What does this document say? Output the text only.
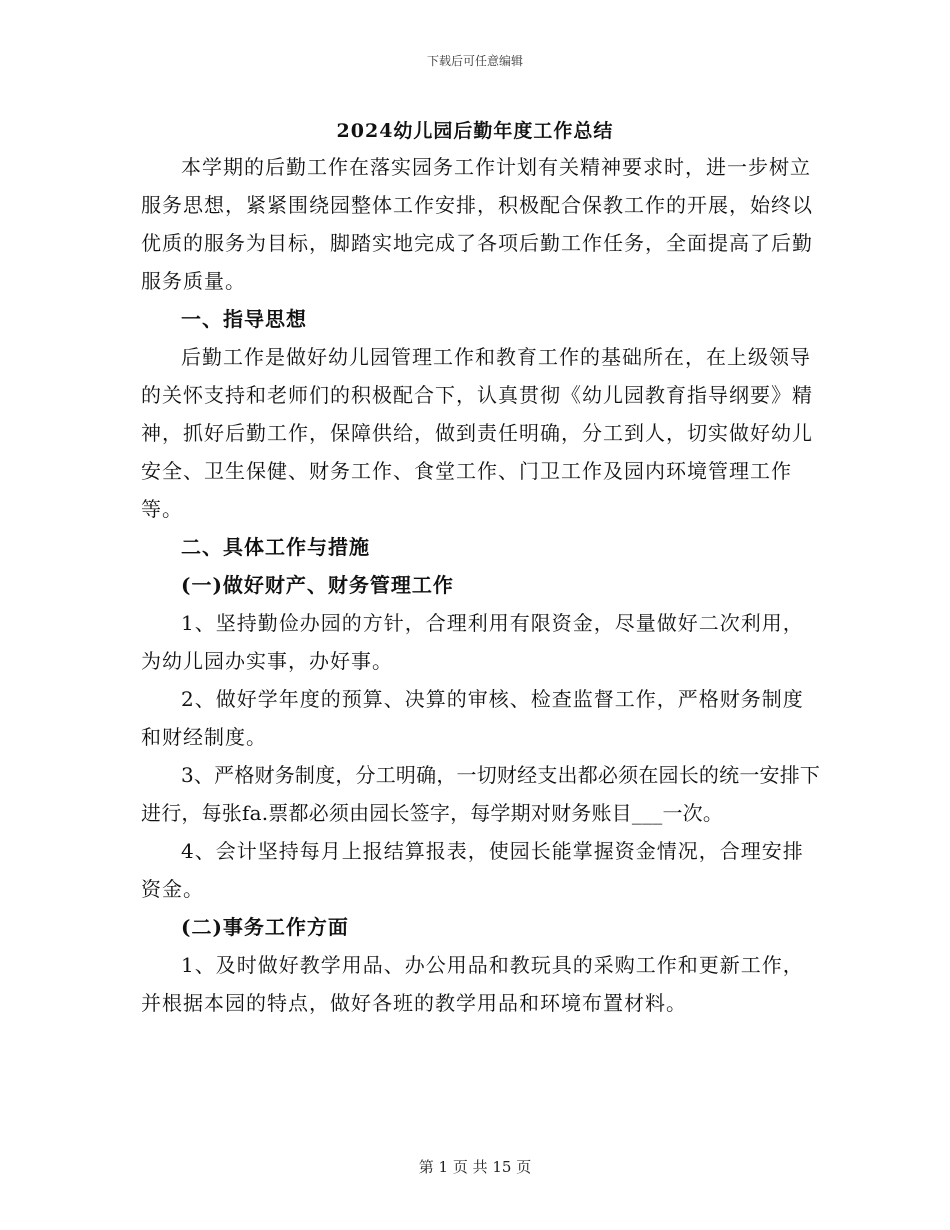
下载后可任意编辑
2024幼儿园后勤年度工作总结

本学期的后勤工作在落实园务工作计划有关精神要求时，进一步树立服务思想，紧紧围绕园整体工作安排，积极配合保教工作的开展，始终以优质的服务为目标，脚踏实地完成了各项后勤工作任务，全面提高了后勤服务质量。

一、指导思想

后勤工作是做好幼儿园管理工作和教育工作的基础所在，在上级领导的关怀支持和老师们的积极配合下，认真贯彻《幼儿园教育指导纲要》精神，抓好后勤工作，保障供给，做到责任明确，分工到人，切实做好幼儿安全、卫生保健、财务工作、食堂工作、门卫工作及园内环境管理工作等。

二、具体工作与措施

(一)做好财产、财务管理工作

1、坚持勤俭办园的方针，合理利用有限资金，尽量做好二次利用，为幼儿园办实事，办好事。

2、做好学年度的预算、决算的审核、检查监督工作，严格财务制度和财经制度。

3、严格财务制度，分工明确，一切财经支出都必须在园长的统一安排下进行，每张fa.票都必须由园长签字，每学期对财务账目___一次。

4、会计坚持每月上报结算报表，使园长能掌握资金情况，合理安排资金。

(二)事务工作方面

1、及时做好教学用品、办公用品和教玩具的采购工作和更新工作，并根据本园的特点，做好各班的教学用品和环境布置材料。

第 1 页 共 15 页
